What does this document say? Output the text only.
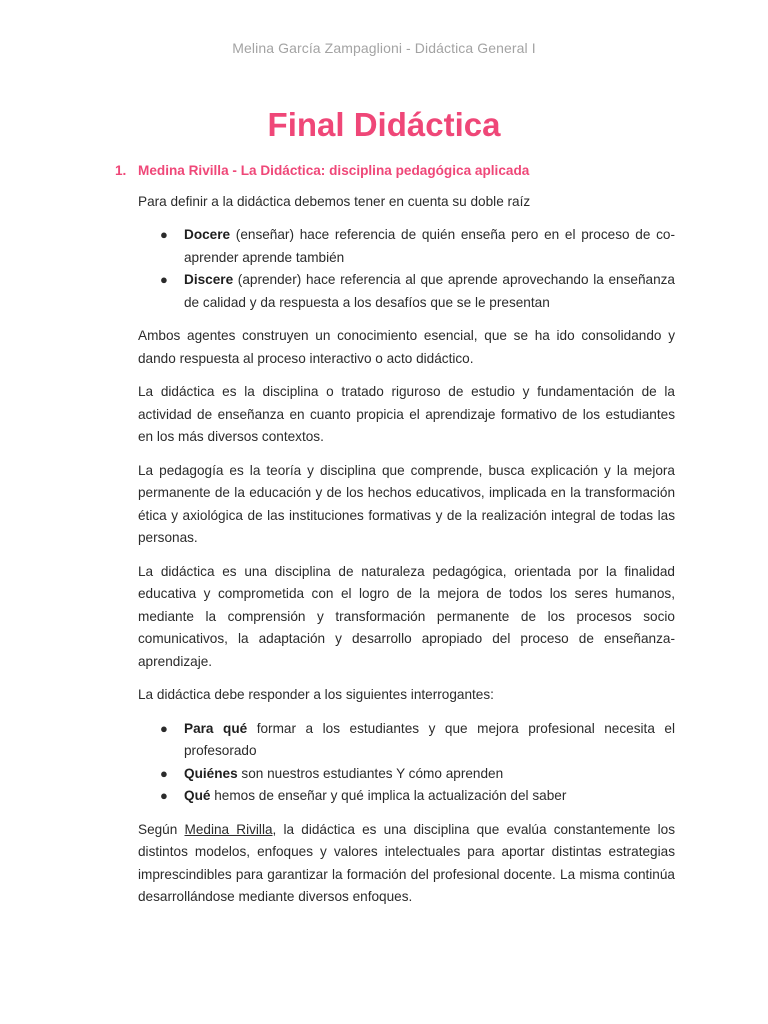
Melina García Zampaglioni - Didáctica General I
Final Didáctica
1. Medina Rivilla - La Didáctica: disciplina pedagógica aplicada

Para definir a la didáctica debemos tener en cuenta su doble raíz

● Docere (enseñar) hace referencia de quién enseña pero en el proceso de co-aprender aprende también
● Discere (aprender) hace referencia al que aprende aprovechando la enseñanza de calidad y da respuesta a los desafíos que se le presentan

Ambos agentes construyen un conocimiento esencial, que se ha ido consolidando y dando respuesta al proceso interactivo o acto didáctico.

La didáctica es la disciplina o tratado riguroso de estudio y fundamentación de la actividad de enseñanza en cuanto propicia el aprendizaje formativo de los estudiantes en los más diversos contextos.

La pedagogía es la teoría y disciplina que comprende, busca explicación y la mejora permanente de la educación y de los hechos educativos, implicada en la transformación ética y axiológica de las instituciones formativas y de la realización integral de todas las personas.

La didáctica es una disciplina de naturaleza pedagógica, orientada por la finalidad educativa y comprometida con el logro de la mejora de todos los seres humanos, mediante la comprensión y transformación permanente de los procesos socio comunicativos, la adaptación y desarrollo apropiado del proceso de enseñanza-aprendizaje.

La didáctica debe responder a los siguientes interrogantes:

● Para qué formar a los estudiantes y que mejora profesional necesita el profesorado
● Quiénes son nuestros estudiantes Y cómo aprenden
● Qué hemos de enseñar y qué implica la actualización del saber

Según Medina Rivilla, la didáctica es una disciplina que evalúa constantemente los distintos modelos, enfoques y valores intelectuales para aportar distintas estrategias imprescindibles para garantizar la formación del profesional docente. La misma continúa desarrollándose mediante diversos enfoques.
